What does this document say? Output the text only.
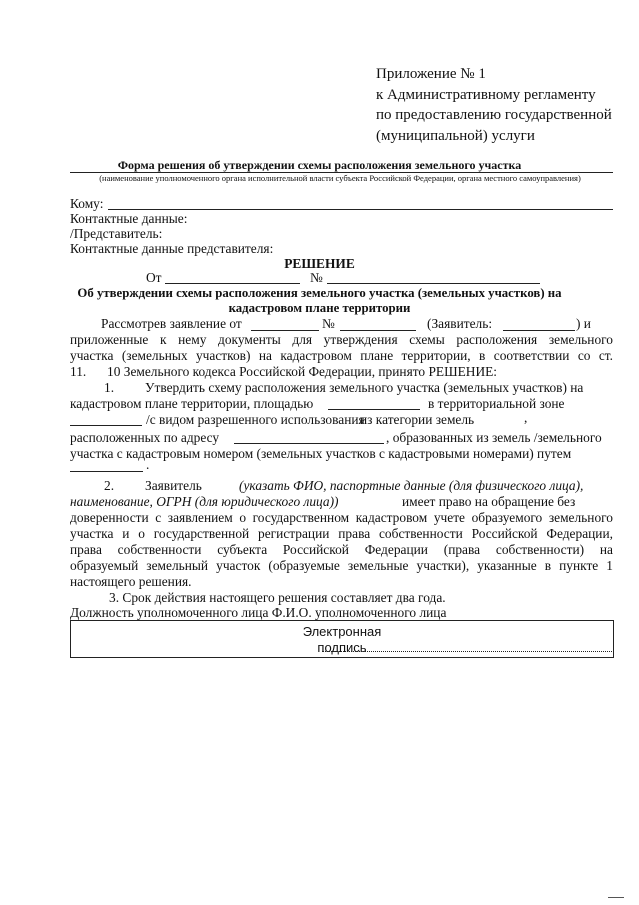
Приложение № 1
к Административному регламенту
по предоставлению государственной
(муниципальной) услуги
Форма решения об утверждении схемы расположения земельного участка
(наименование уполномоченного органа исполнительной власти субъекта Российской Федерации, органа местного самоуправления)
Кому:
Контактные данные:
/Представитель:
Контактные данные представителя:
РЕШЕНИЕ
От	№
Об утверждении схемы расположения земельного участка (земельных участков) на
кадастровом плане территории
Рассмотрев заявление от	№	(Заявитель:	) и
приложенные к нему документы для утверждения схемы расположения земельного
участка (земельных участков) на кадастровом плане территории, в соответствии со ст.
11. 10 Земельного кодекса Российской Федерации, принято РЕШЕНИЕ:
1. Утвердить схему расположения земельного участка (земельных участков) на
кадастровом плане территории, площадью	в территориальной зоне
/с видом разрешенного использования
из категории земель	,
расположенных по адресу	, образованных из земель /земельного
участка с кадастровым номером (земельных участков с кадастровыми номерами) путем
.
2. Заявитель	(указать ФИО, паспортные данные (для физического лица),
наименование, ОГРН (для юридического лица))	имеет право на обращение без
доверенности с заявлением о государственном кадастровом учете образуемого земельного
участка и о государственной регистрации права собственности Российской Федерации,
права собственности субъекта Российской Федерации (права собственности) на
образуемый земельный участок (образуемые земельные участки), указанные в пункте 1
настоящего решения.
3. Срок действия настоящего решения составляет два года.
Должность уполномоченного лица Ф.И.О. уполномоченного лица
Электронная
подпись
